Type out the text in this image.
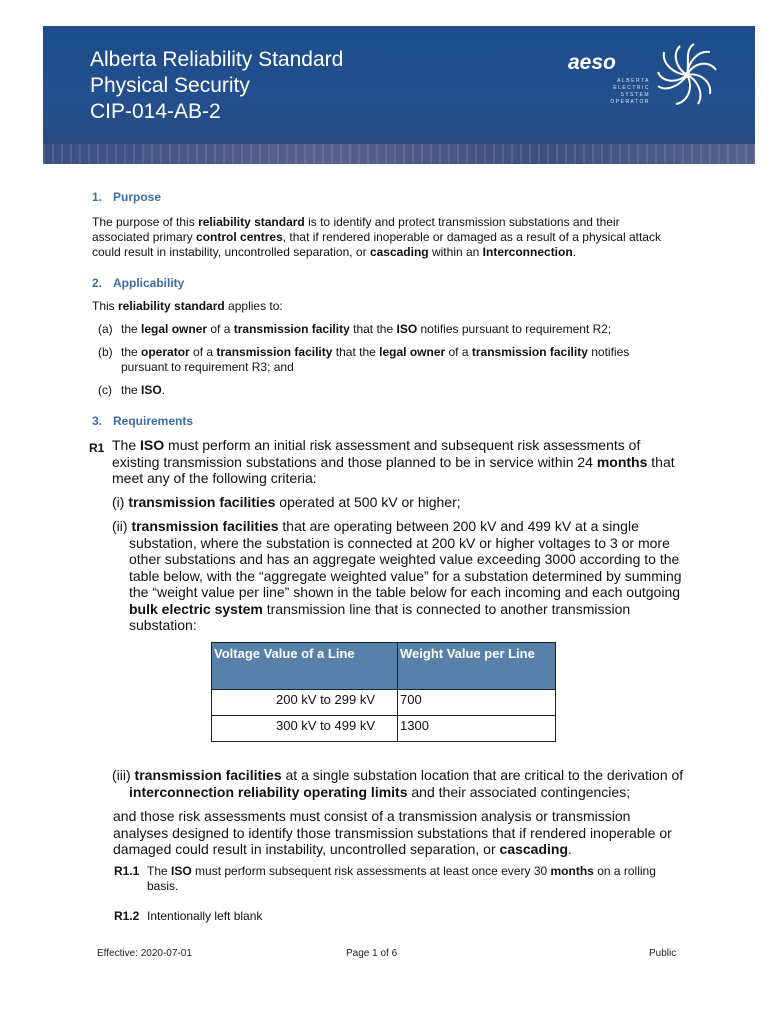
Alberta Reliability Standard
Physical Security
CIP-014-AB-2
aeso
ALBERTA
ELECTRIC
SYSTEM
OPERATOR
1. Purpose
The purpose of this reliability standard is to identify and protect transmission substations and their associated primary control centres, that if rendered inoperable or damaged as a result of a physical attack could result in instability, uncontrolled separation, or cascading within an Interconnection.
2. Applicability
This reliability standard applies to:
(a) the legal owner of a transmission facility that the ISO notifies pursuant to requirement R2;
(b) the operator of a transmission facility that the legal owner of a transmission facility notifies pursuant to requirement R3; and
(c) the ISO.
3. Requirements
R1 The ISO must perform an initial risk assessment and subsequent risk assessments of existing transmission substations and those planned to be in service within 24 months that meet any of the following criteria:
(i) transmission facilities operated at 500 kV or higher;
(ii) transmission facilities that are operating between 200 kV and 499 kV at a single substation, where the substation is connected at 200 kV or higher voltages to 3 or more other substations and has an aggregate weighted value exceeding 3000 according to the table below, with the “aggregate weighted value” for a substation determined by summing the “weight value per line” shown in the table below for each incoming and each outgoing bulk electric system transmission line that is connected to another transmission substation:
Voltage Value of a Line	Weight Value per Line
200 kV to 299 kV	700
300 kV to 499 kV	1300
(iii) transmission facilities at a single substation location that are critical to the derivation of interconnection reliability operating limits and their associated contingencies;
and those risk assessments must consist of a transmission analysis or transmission analyses designed to identify those transmission substations that if rendered inoperable or damaged could result in instability, uncontrolled separation, or cascading.
R1.1 The ISO must perform subsequent risk assessments at least once every 30 months on a rolling basis.
R1.2 Intentionally left blank
Effective: 2020-07-01	Page 1 of 6	Public
